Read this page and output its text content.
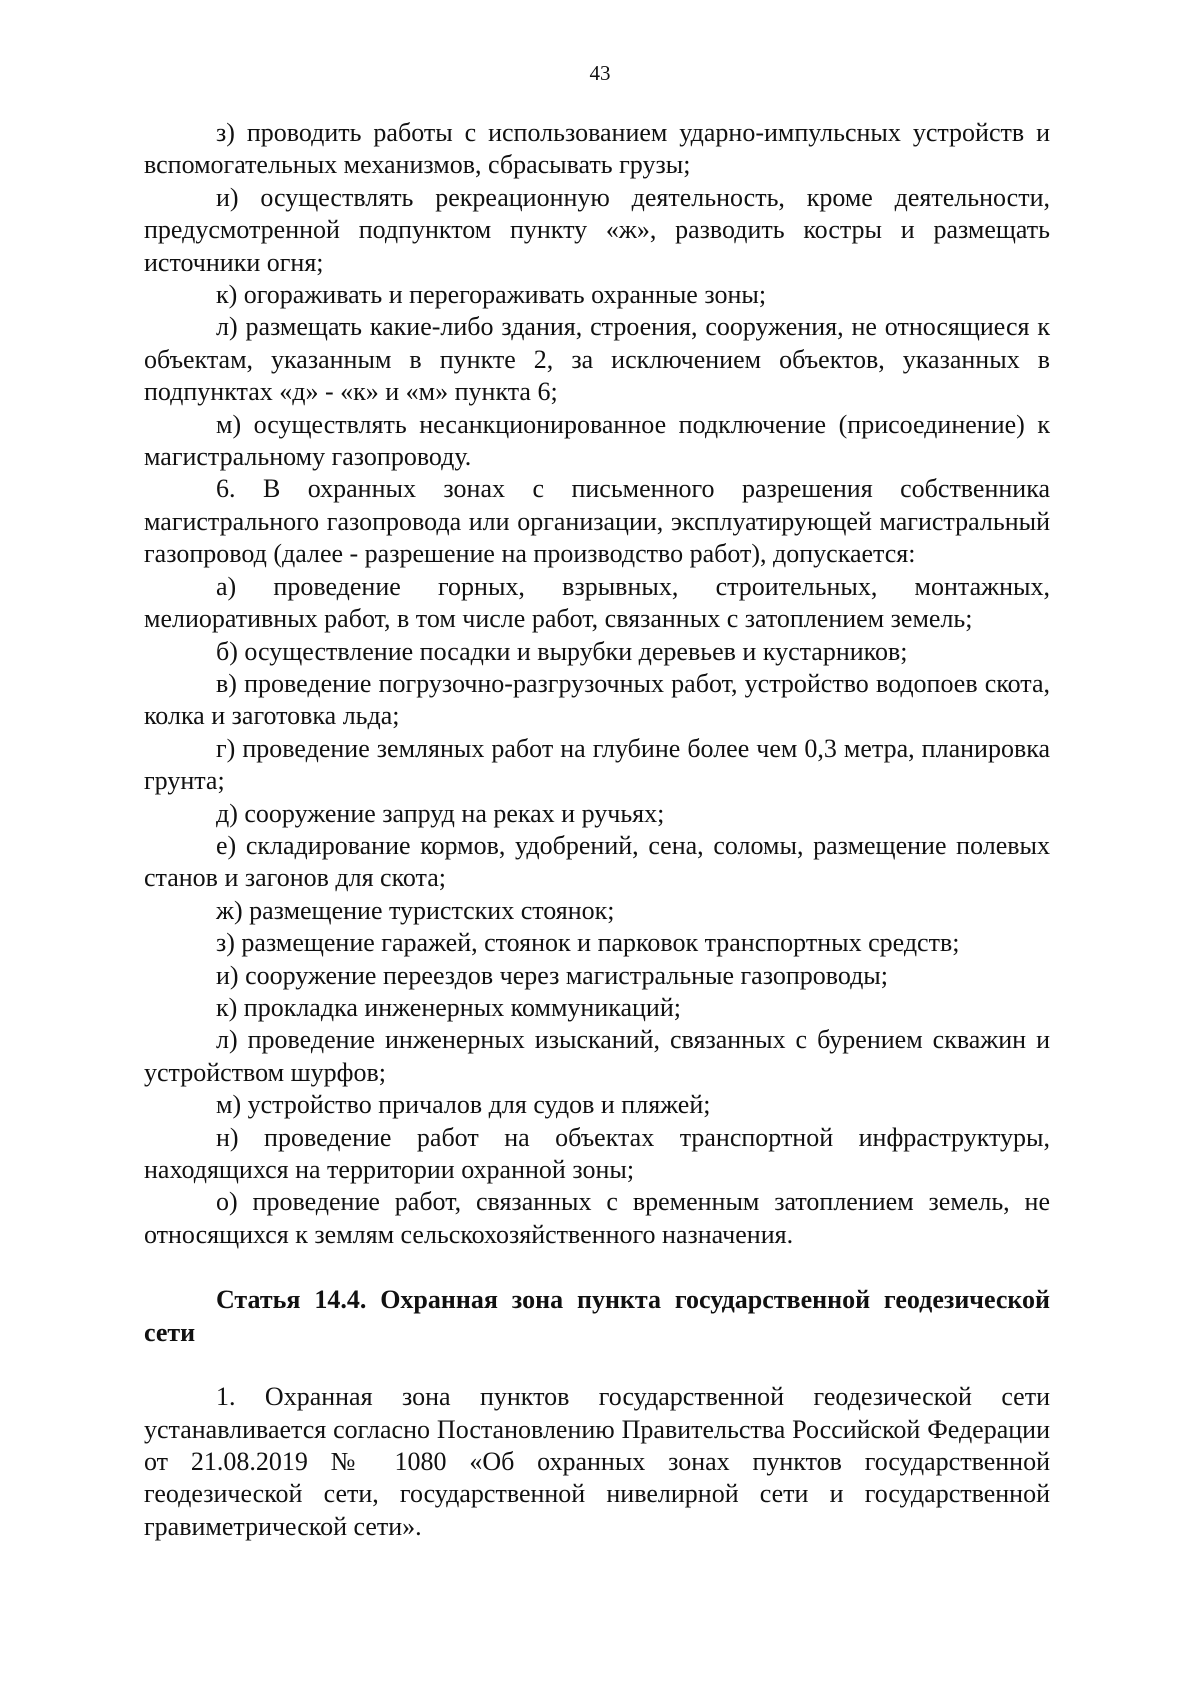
43

з) проводить работы с использованием ударно-импульсных устройств и вспомогательных механизмов, сбрасывать грузы;

и) осуществлять рекреационную деятельность, кроме деятельности, предусмотренной подпунктом пункту «ж», разводить костры и размещать источники огня;

к) огораживать и перегораживать охранные зоны;

л) размещать какие-либо здания, строения, сооружения, не относящиеся к объектам, указанным в пункте 2, за исключением объектов, указанных в подпунктах «д» - «к» и «м» пункта 6;

м) осуществлять несанкционированное подключение (присоединение) к магистральному газопроводу.

6. В охранных зонах с письменного разрешения собственника магистрального газопровода или организации, эксплуатирующей магистральный газопровод (далее - разрешение на производство работ), допускается:

а) проведение горных, взрывных, строительных, монтажных, мелиоративных работ, в том числе работ, связанных с затоплением земель;

б) осуществление посадки и вырубки деревьев и кустарников;

в) проведение погрузочно-разгрузочных работ, устройство водопоев скота, колка и заготовка льда;

г) проведение земляных работ на глубине более чем 0,3 метра, планировка грунта;

д) сооружение запруд на реках и ручьях;

е) складирование кормов, удобрений, сена, соломы, размещение полевых станов и загонов для скота;

ж) размещение туристских стоянок;

з) размещение гаражей, стоянок и парковок транспортных средств;

и) сооружение переездов через магистральные газопроводы;

к) прокладка инженерных коммуникаций;

л) проведение инженерных изысканий, связанных с бурением скважин и устройством шурфов;

м) устройство причалов для судов и пляжей;

н) проведение работ на объектах транспортной инфраструктуры, находящихся на территории охранной зоны;

о) проведение работ, связанных с временным затоплением земель, не относящихся к землям сельскохозяйственного назначения.

Статья 14.4. Охранная зона пункта государственной геодезической сети

1. Охранная зона пунктов государственной геодезической сети устанавливается согласно Постановлению Правительства Российской Федерации от 21.08.2019 № 1080 «Об охранных зонах пунктов государственной геодезической сети, государственной нивелирной сети и государственной гравиметрической сети».
